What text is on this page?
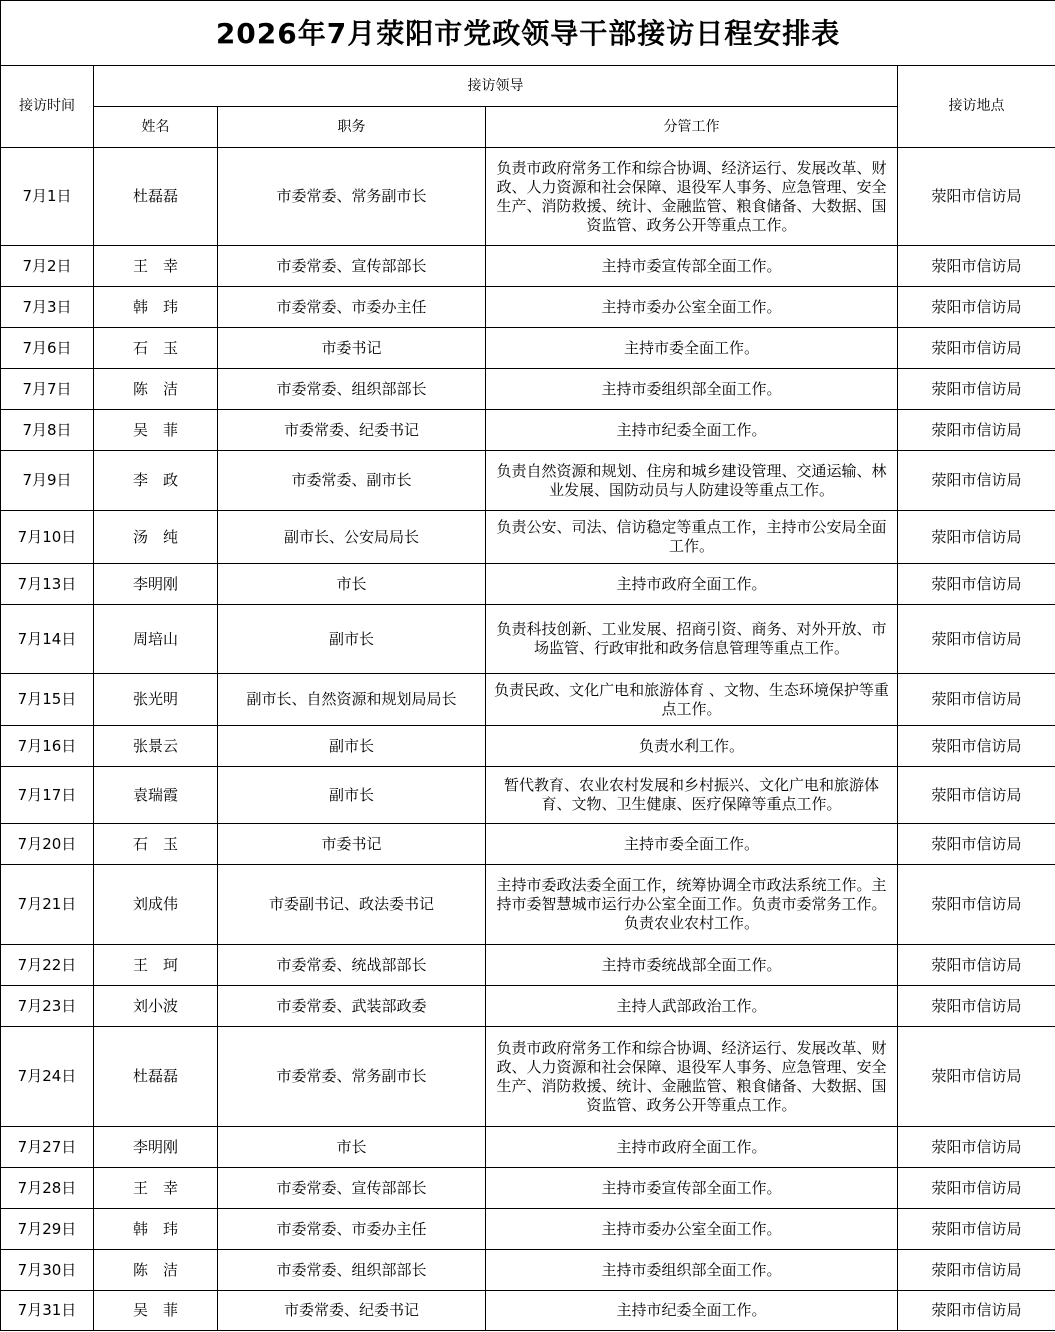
2026年7月荥阳市党政领导干部接访日程安排表				
接访时间	接访领导			接访地点
	姓名	职务	分管工作	
7月1日	杜磊磊	市委常委、常务副市长	负责市政府常务工作和综合协调、经济运行、发展改革、财政、人力资源和社会保障、退役军人事务、应急管理、安全生产、消防救援、统计、金融监管、粮食储备、大数据、国资监管、政务公开等重点工作。	荥阳市信访局
7月2日	王　幸	市委常委、宣传部部长	主持市委宣传部全面工作。	荥阳市信访局
7月3日	韩　玮	市委常委、市委办主任	主持市委办公室全面工作。	荥阳市信访局
7月6日	石　玉	市委书记	主持市委全面工作。	荥阳市信访局
7月7日	陈　洁	市委常委、组织部部长	主持市委组织部全面工作。	荥阳市信访局
7月8日	吴　菲	市委常委、纪委书记	主持市纪委全面工作。	荥阳市信访局
7月9日	李　政	市委常委、副市长	负责自然资源和规划、住房和城乡建设管理、交通运输、林业发展、国防动员与人防建设等重点工作。	荥阳市信访局
7月10日	汤　纯	副市长、公安局局长	负责公安、司法、信访稳定等重点工作，主持市公安局全面工作。	荥阳市信访局
7月13日	李明刚	市长	主持市政府全面工作。	荥阳市信访局
7月14日	周培山	副市长	负责科技创新、工业发展、招商引资、商务、对外开放、市场监管、行政审批和政务信息管理等重点工作。	荥阳市信访局
7月15日	张光明	副市长、自然资源和规划局局长	负责民政、文化广电和旅游体育 、文物、生态环境保护等重点工作。	荥阳市信访局
7月16日	张景云	副市长	负责水利工作。	荥阳市信访局
7月17日	袁瑞霞	副市长	暂代教育、农业农村发展和乡村振兴、文化广电和旅游体育、文物、卫生健康、医疗保障等重点工作。	荥阳市信访局
7月20日	石　玉	市委书记	主持市委全面工作。	荥阳市信访局
7月21日	刘成伟	市委副书记、政法委书记	主持市委政法委全面工作，统筹协调全市政法系统工作。主持市委智慧城市运行办公室全面工作。负责市委常务工作。负责农业农村工作。	荥阳市信访局
7月22日	王　珂	市委常委、统战部部长	主持市委统战部全面工作。	荥阳市信访局
7月23日	刘小波	市委常委、武装部政委	主持人武部政治工作。	荥阳市信访局
7月24日	杜磊磊	市委常委、常务副市长	负责市政府常务工作和综合协调、经济运行、发展改革、财政、人力资源和社会保障、退役军人事务、应急管理、安全生产、消防救援、统计、金融监管、粮食储备、大数据、国资监管、政务公开等重点工作。	荥阳市信访局
7月27日	李明刚	市长	主持市政府全面工作。	荥阳市信访局
7月28日	王　幸	市委常委、宣传部部长	主持市委宣传部全面工作。	荥阳市信访局
7月29日	韩　玮	市委常委、市委办主任	主持市委办公室全面工作。	荥阳市信访局
7月30日	陈　洁	市委常委、组织部部长	主持市委组织部全面工作。	荥阳市信访局
7月31日	吴　菲	市委常委、纪委书记	主持市纪委全面工作。	荥阳市信访局
